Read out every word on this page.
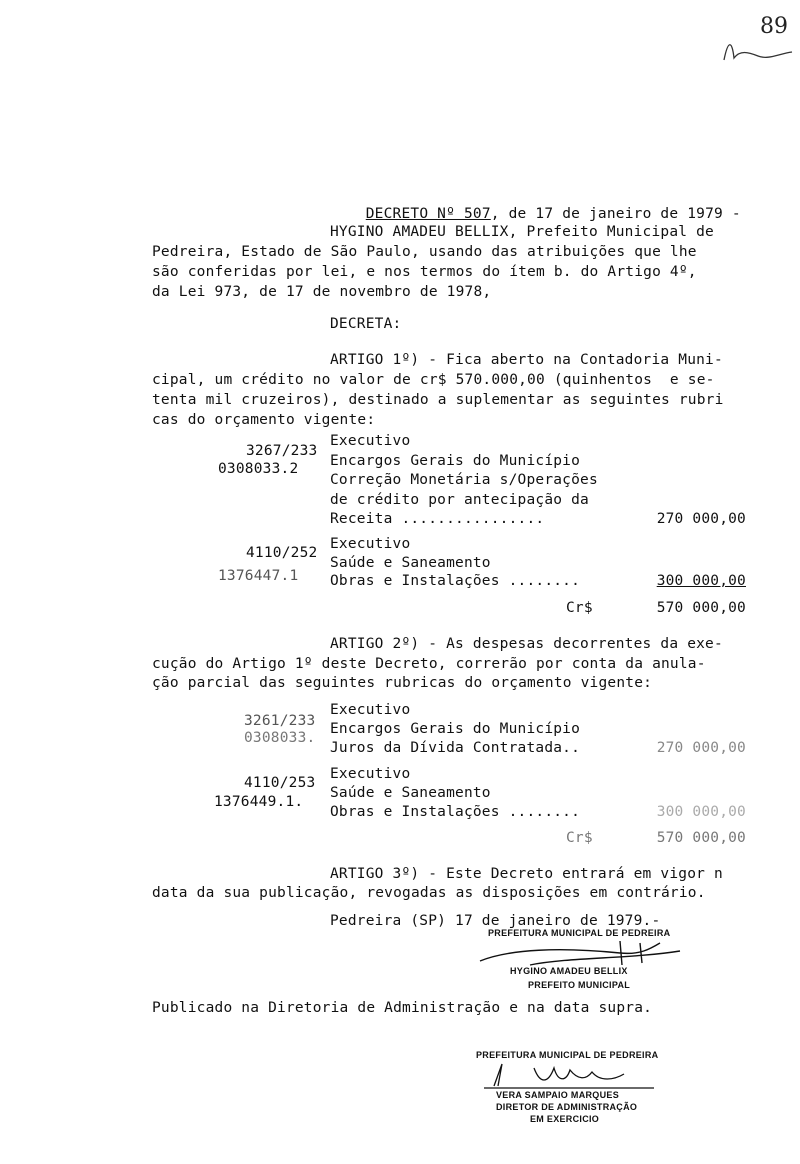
89

DECRETO Nº 507, de 17 de janeiro de 1979 -

HYGINO AMADEU BELLIX, Prefeito Municipal de
Pedreira, Estado de São Paulo, usando das atribuições que lhe
são conferidas por lei, e nos termos do ítem b. do Artigo 4º,
da Lei 973, de 17 de novembro de 1978,
DECRETA:
ARTIGO 1º) - Fica aberto na Contadoria Muni-
cipal, um crédito no valor de cr$ 570.000,00 (quinhentos  e se-
tenta mil cruzeiros), destinado a suplementar as seguintes rubri
cas do orçamento vigente:
3267/233
0308033.2
Executivo
Encargos Gerais do Município
Correção Monetária s/Operações
de crédito por antecipação da
Receita ................	270 000,00
4110/252
1376447.1
Executivo
Saúde e Saneamento
Obras e Instalações ........	300 000,00
Cr$	570 000,00
ARTIGO 2º) - As despesas decorrentes da exe-
cução do Artigo 1º deste Decreto, correrão por conta da anula-
ção parcial das seguintes rubricas do orçamento vigente:
3261/233
0308033.
Executivo
Encargos Gerais do Município
Juros da Dívida Contratada..	270 000,00
4110/253
1376449.1.
Executivo
Saúde e Saneamento
Obras e Instalações ........	300 000,00
Cr$	570 000,00
ARTIGO 3º) - Este Decreto entrará em vigor n
data da sua publicação, revogadas as disposições em contrário.
Pedreira (SP) 17 de janeiro de 1979.-
PREFEITURA MUNICIPAL DE PEDREIRA
HYGINO AMADEU BELLIX
PREFEITO MUNICIPAL
Publicado na Diretoria de Administração e na data supra.
PREFEITURA MUNICIPAL DE PEDREIRA
VERA SAMPAIO MARQUES
DIRETOR DE ADMINISTRAÇÃO
EM EXERCICIO
